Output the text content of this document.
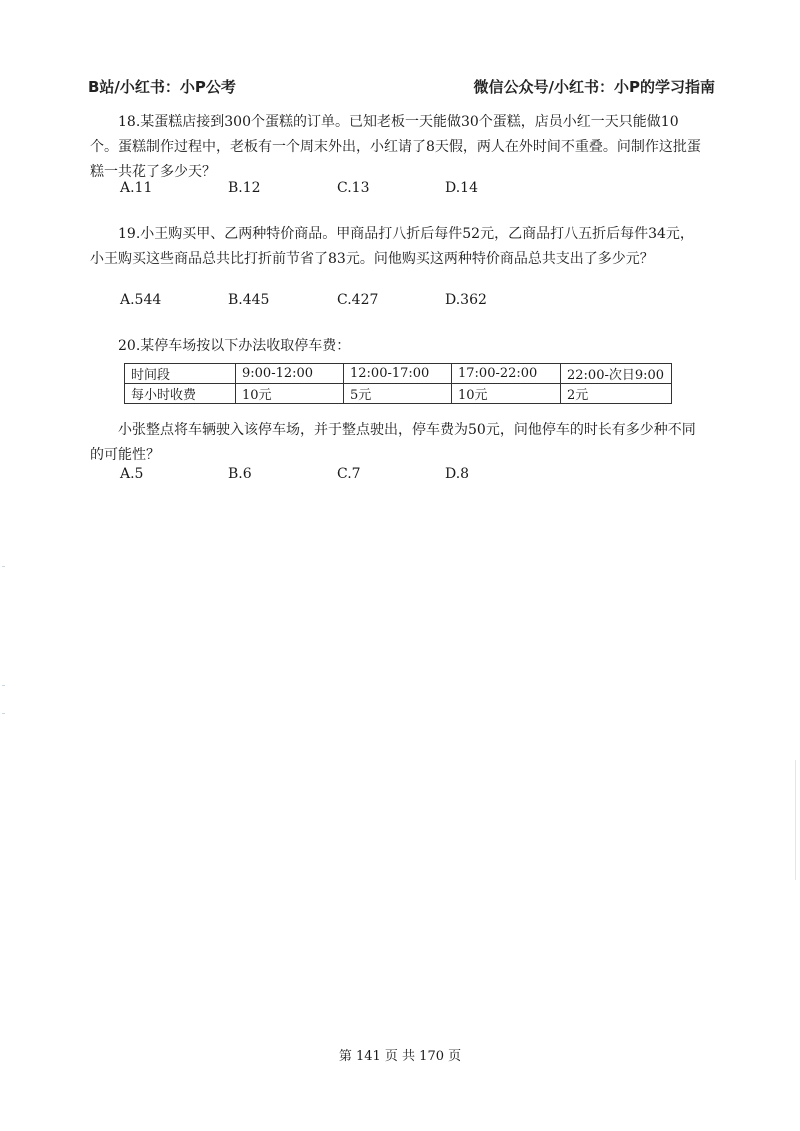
B站/小红书：小P公考	微信公众号/小红书：小P的学习指南
18.某蛋糕店接到300个蛋糕的订单。已知老板一天能做30个蛋糕，店员小红一天只能做10个。蛋糕制作过程中，老板有一个周末外出，小红请了8天假，两人在外时间不重叠。问制作这批蛋糕一共花了多少天？
A.11	B.12	C.13	D.14
19.小王购买甲、乙两种特价商品。甲商品打八折后每件52元，乙商品打八五折后每件34元，小王购买这些商品总共比打折前节省了83元。问他购买这两种特价商品总共支出了多少元？
A.544	B.445	C.427	D.362
20.某停车场按以下办法收取停车费：
时间段	9:00-12:00	12:00-17:00	17:00-22:00	22:00-次日9:00
每小时收费	10元	5元	10元	2元
小张整点将车辆驶入该停车场，并于整点驶出，停车费为50元，问他停车的时长有多少种不同的可能性？
A.5	B.6	C.7	D.8
第 141 页 共 170 页
